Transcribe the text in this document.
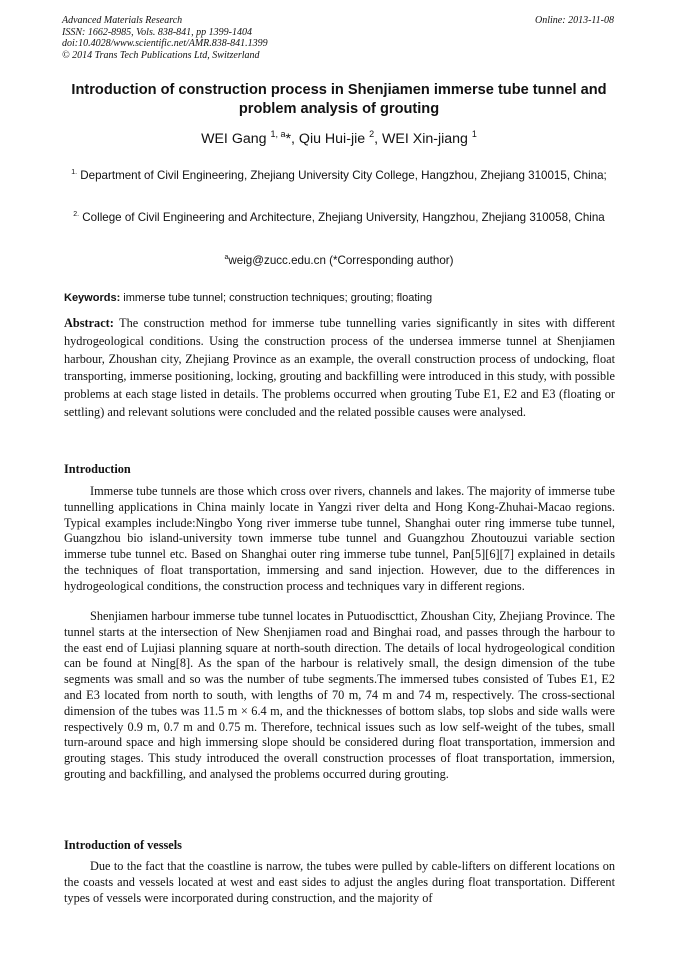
Advanced Materials Research
ISSN: 1662-8985, Vols. 838-841, pp 1399-1404
doi:10.4028/www.scientific.net/AMR.838-841.1399
© 2014 Trans Tech Publications Ltd, Switzerland
Online: 2013-11-08
Introduction of construction process in Shenjiamen immerse tube tunnel and problem analysis of grouting
WEI Gang $^{1, a}$*, Qiu Hui-jie $^2$, WEI Xin-jiang $^1$
$^{1.}$ Department of Civil Engineering, Zhejiang University City College, Hangzhou, Zhejiang 310015, China;
$^{2.}$ College of Civil Engineering and Architecture, Zhejiang University, Hangzhou, Zhejiang 310058, China
$^a$weig@zucc.edu.cn (*Corresponding author)
Keywords: immerse tube tunnel; construction techniques; grouting; floating

Abstract: The construction method for immerse tube tunnelling varies significantly in sites with different hydrogeological conditions. Using the construction process of the undersea immerse tunnel at Shenjiamen harbour, Zhoushan city, Zhejiang Province as an example, the overall construction process of undocking, float transporting, immerse positioning, locking, grouting and backfilling were introduced in this study, with possible problems at each stage listed in details. The problems occurred when grouting Tube E1, E2 and E3 (floating or settling) and relevant solutions were concluded and the related possible causes were analysed.

Introduction

Immerse tube tunnels are those which cross over rivers, channels and lakes. The majority of immerse tube tunnelling applications in China mainly locate in Yangzi river delta and Hong Kong-Zhuhai-Macao regions. Typical examples include:Ningbo Yong river immerse tube tunnel, Shanghai outer ring immerse tube tunnel, Guangzhou bio island-university town immerse tube tunnel and Guangzhou Zhoutouzui variable section immerse tube tunnel etc. Based on Shanghai outer ring immerse tube tunnel, Pan[5][6][7] explained in details the techniques of float transportation, immersing and sand injection. However, due to the differences in hydrogeological conditions, the construction process and techniques vary in different regions.

Shenjiamen harbour immerse tube tunnel locates in Putuodiscttict, Zhoushan City, Zhejiang Province. The tunnel starts at the intersection of New Shenjiamen road and Binghai road, and passes through the harbour to the east end of Lujiasi planning square at north-south direction. The details of local hydrogeological condition can be found at Ning[8]. As the span of the harbour is relatively small, the design dimension of the tube segments was small and so was the number of tube segments.The immersed tubes consisted of Tubes E1, E2 and E3 located from north to south, with lengths of 70 m, 74 m and 74 m, respectively. The cross-sectional dimension of the tubes was 11.5 m × 6.4 m, and the thicknesses of bottom slabs, top slobs and side walls were respectively 0.9 m, 0.7 m and 0.75 m. Therefore, technical issues such as low self-weight of the tubes, small turn-around space and high immersing slope should be considered during float transportation, immersion and grouting stages. This study introduced the overall construction processes of float transportation, immersion, grouting and backfilling, and analysed the problems occurred during grouting.

Introduction of vessels

Due to the fact that the coastline is narrow, the tubes were pulled by cable-lifters on different locations on the coasts and vessels located at west and east sides to adjust the angles during float transportation. Different types of vessels were incorporated during construction, and the majority of
